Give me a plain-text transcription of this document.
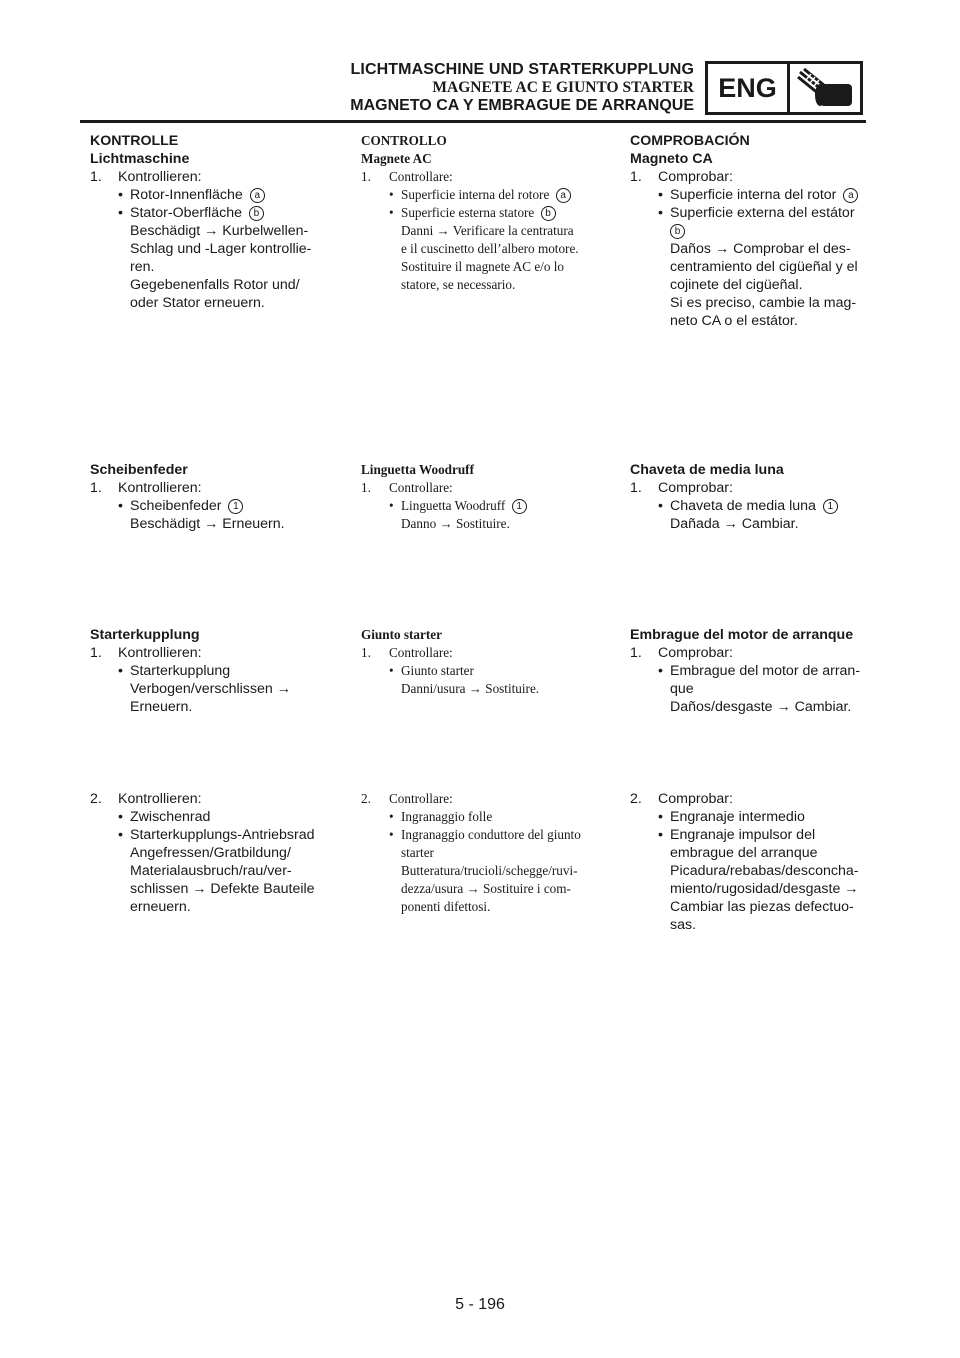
LICHTMASCHINE UND STARTERKUPPLUNG
MAGNETE AC E GIUNTO STARTER
MAGNETO CA Y EMBRAGUE DE ARRANQUE
ENG
KONTROLLE
Lichtmaschine
1. Kontrollieren:
• Rotor-Innenfläche a
• Stator-Oberfläche b
Beschädigt → Kurbelwellen-
Schlag und -Lager kontrollie-
ren.
Gegebenenfalls Rotor und/
oder Stator erneuern.
Scheibenfeder
1. Kontrollieren:
• Scheibenfeder 1
Beschädigt → Erneuern.
Starterkupplung
1. Kontrollieren:
• Starterkupplung
Verbogen/verschlissen →
Erneuern.
2. Kontrollieren:
• Zwischenrad
• Starterkupplungs-Antriebsrad
Angefressen/Gratbildung/
Materialausbruch/rau/ver-
schlissen → Defekte Bauteile
erneuern.
CONTROLLO
Magnete AC
1. Controllare:
• Superficie interna del rotore a
• Superficie esterna statore b
Danni → Verificare la centratura
e il cuscinetto dell’albero motore.
Sostituire il magnete AC e/o lo
statore, se necessario.
Linguetta Woodruff
1. Controllare:
• Linguetta Woodruff 1
Danno → Sostituire.
Giunto starter
1. Controllare:
• Giunto starter
Danni/usura → Sostituire.
2. Controllare:
• Ingranaggio folle
• Ingranaggio conduttore del giunto
starter
Butteratura/trucioli/schegge/ruvi-
dezza/usura → Sostituire i com-
ponenti difettosi.
COMPROBACIÓN
Magneto CA
1. Comprobar:
• Superficie interna del rotor a
• Superficie externa del estátor
b
Daños → Comprobar el des-
centramiento del cigüeñal y el
cojinete del cigüeñal.
Si es preciso, cambie la mag-
neto CA o el estátor.
Chaveta de media luna
1. Comprobar:
• Chaveta de media luna 1
Dañada → Cambiar.
Embrague del motor de arranque
1. Comprobar:
• Embrague del motor de arran-
que
Daños/desgaste → Cambiar.
2. Comprobar:
• Engranaje intermedio
• Engranaje impulsor del
embrague del arranque
Picadura/rebabas/desconcha-
miento/rugosidad/desgaste →
Cambiar las piezas defectuo-
sas.
5 - 196
